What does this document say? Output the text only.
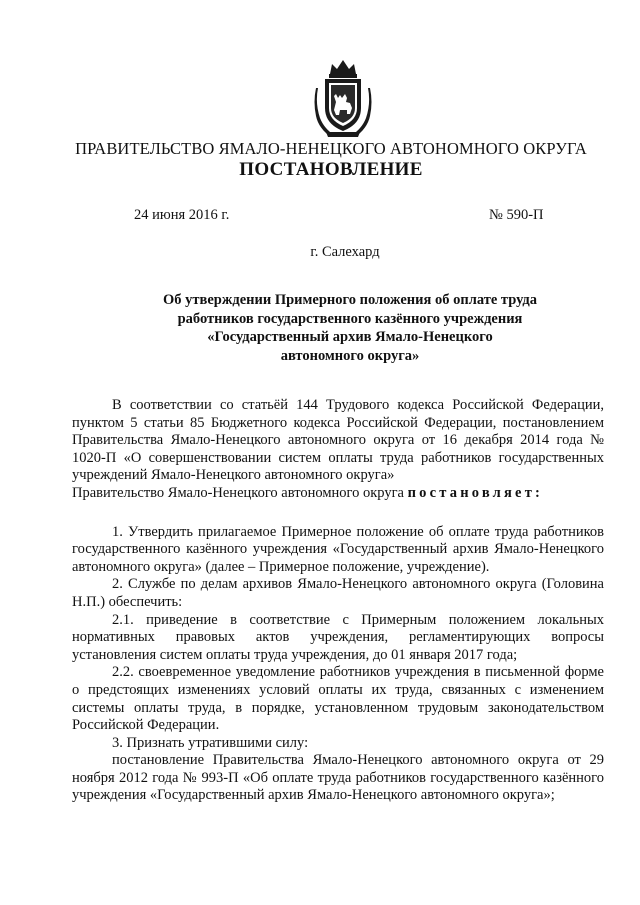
ПРАВИТЕЛЬСТВО ЯМАЛО-НЕНЕЦКОГО АВТОНОМНОГО ОКРУГА
ПОСТАНОВЛЕНИЕ
24 июня 2016 г.	№ 590-П
г. Салехард
Об утверждении Примерного положения об оплате труда
работников государственного казённого учреждения
«Государственный архив Ямало-Ненецкого
автономного округа»

В соответствии со статьёй 144 Трудового кодекса Российской Федерации, пунктом 5 статьи 85 Бюджетного кодекса Российской Федерации, постановлением Правительства Ямало-Ненецкого автономного округа от 16 декабря 2014 года № 1020-П «О совершенствовании систем оплаты труда работников государственных учреждений Ямало-Ненецкого автономного округа»

Правительство Ямало-Ненецкого автономного округа постановляет:

1. Утвердить прилагаемое Примерное положение об оплате труда работников государственного казённого учреждения «Государственный архив Ямало-Ненецкого автономного округа» (далее – Примерное положение, учреждение).

2. Службе по делам архивов Ямало-Ненецкого автономного округа (Головина Н.П.) обеспечить:

2.1. приведение в соответствие с Примерным положением локальных нормативных правовых актов учреждения, регламентирующих вопросы установления систем оплаты труда учреждения, до 01 января 2017 года;

2.2. своевременное уведомление работников учреждения в письменной форме о предстоящих изменениях условий оплаты их труда, связанных с изменением системы оплаты труда, в порядке, установленном трудовым законодательством Российской Федерации.

3. Признать утратившими силу:

постановление Правительства Ямало-Ненецкого автономного округа от 29 ноября 2012 года № 993-П «Об оплате труда работников государственного казённого учреждения «Государственный архив Ямало-Ненецкого автономного округа»;
